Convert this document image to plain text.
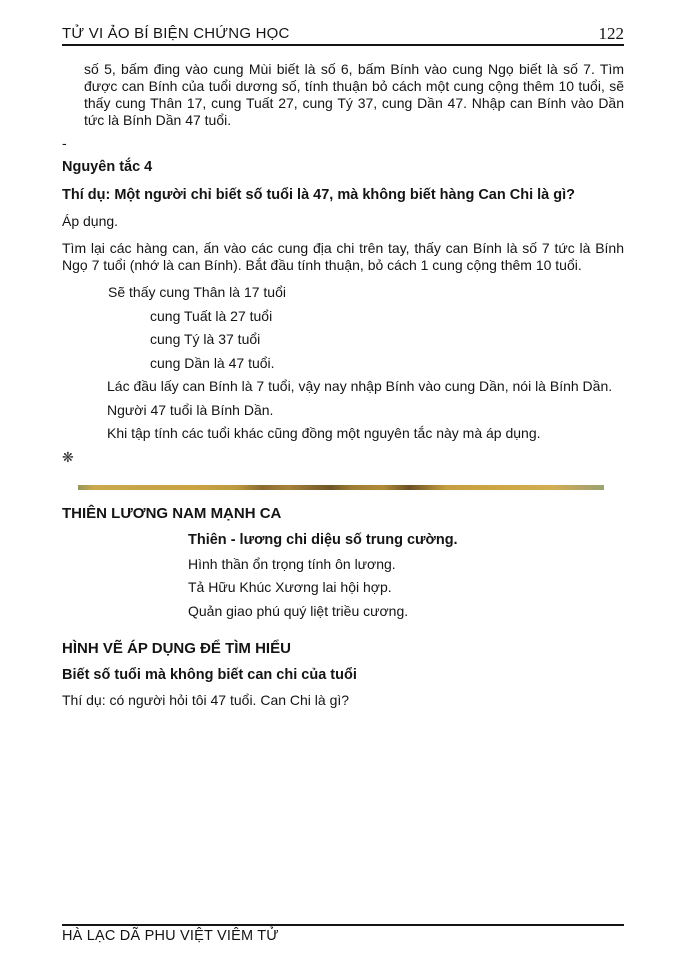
TỬ VI ẢO BÍ BIỆN CHỨNG HỌC	122

số 5, bấm đing vào cung Mùi biết là số 6, bấm Bính vào cung Ngọ biết là số 7. Tìm được can Bính của tuổi dương số, tính thuận bỏ cách một cung cộng thêm 10 tuổi, sẽ thấy cung Thân 17, cung Tuất 27, cung Tý 37, cung Dần 47. Nhập can Bính vào Dần tức là Bính Dần 47 tuổi.

-
Nguyên tắc 4
Thí dụ: Một người chỉ biết số tuổi là 47, mà không biết hàng Can Chi là gì?
Áp dụng.

Tìm lại các hàng can, ấn vào các cung địa chi trên tay, thấy can Bính là số 7 tức là Bính Ngọ 7 tuổi (nhớ là can Bính). Bắt đầu tính thuận, bỏ cách 1 cung cộng thêm 10 tuổi.

Sẽ thấy cung Thân là 17 tuổi
cung Tuất là 27 tuổi
cung Tý là 37 tuổi
cung Dần là 47 tuổi.
Lác đầu lấy can Bính là 7 tuổi, vậy nay nhập Bính vào cung Dần, nói là Bính Dần.
Người 47 tuổi là Bính Dần.
Khi tập tính các tuổi khác cũng đồng một nguyên tắc này mà áp dụng.
❋
THIÊN LƯƠNG NAM MẠNH CA
Thiên - lương chi diệu số trung cường.
Hình thần ổn trọng tính ôn lương.
Tả Hữu Khúc Xương lai hội hợp.
Quản giao phú quý liệt triều cương.
HÌNH VẼ ÁP DỤNG ĐỂ TÌM HIỂU
Biết số tuổi mà không biết can chi của tuổi
Thí dụ: có người hỏi tôi 47 tuổi. Can Chi là gì?
HÀ LẠC DÃ PHU VIỆT VIÊM TỬ
